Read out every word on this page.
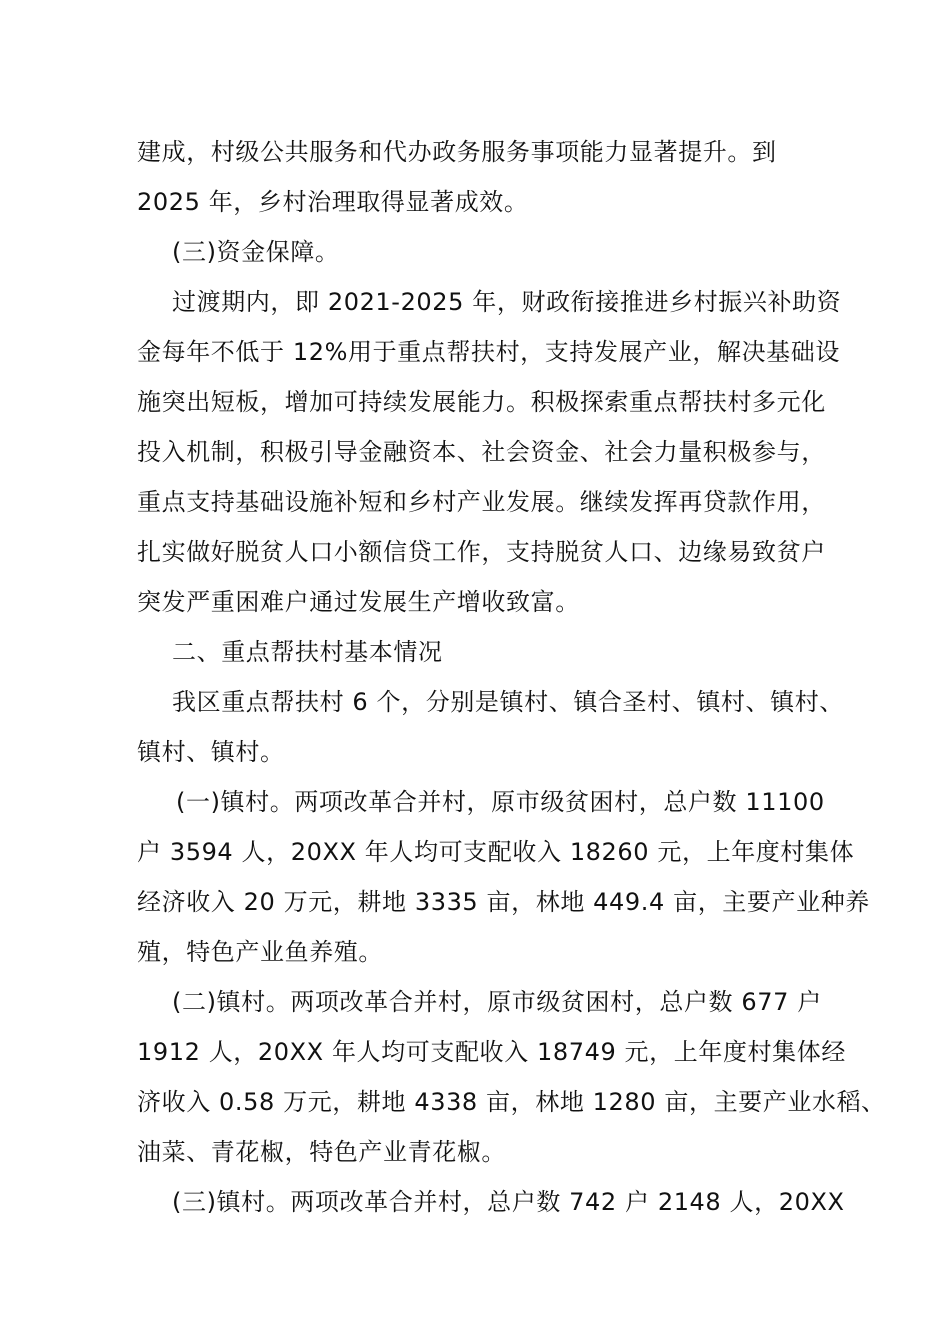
建成，村级公共服务和代办政务服务事项能力显著提升。到
2025 年，乡村治理取得显著成效。
(三)资金保障。
过渡期内，即 2021-2025 年，财政衔接推进乡村振兴补助资
金每年不低于 12%用于重点帮扶村，支持发展产业，解决基础设
施突出短板，增加可持续发展能力。积极探索重点帮扶村多元化
投入机制，积极引导金融资本、社会资金、社会力量积极参与，
重点支持基础设施补短和乡村产业发展。继续发挥再贷款作用，
扎实做好脱贫人口小额信贷工作，支持脱贫人口、边缘易致贫户
突发严重困难户通过发展生产增收致富。
二、重点帮扶村基本情况
我区重点帮扶村 6 个，分别是镇村、镇合圣村、镇村、镇村、
镇村、镇村。
(一)镇村。两项改革合并村，原市级贫困村，总户数 11100
户 3594 人，20XX 年人均可支配收入 18260 元，上年度村集体
经济收入 20 万元，耕地 3335 亩，林地 449.4 亩，主要产业种养
殖，特色产业鱼养殖。
(二)镇村。两项改革合并村，原市级贫困村，总户数 677 户
1912 人，20XX 年人均可支配收入 18749 元，上年度村集体经
济收入 0.58 万元，耕地 4338 亩，林地 1280 亩，主要产业水稻、
油菜、青花椒，特色产业青花椒。
(三)镇村。两项改革合并村，总户数 742 户 2148 人，20XX
